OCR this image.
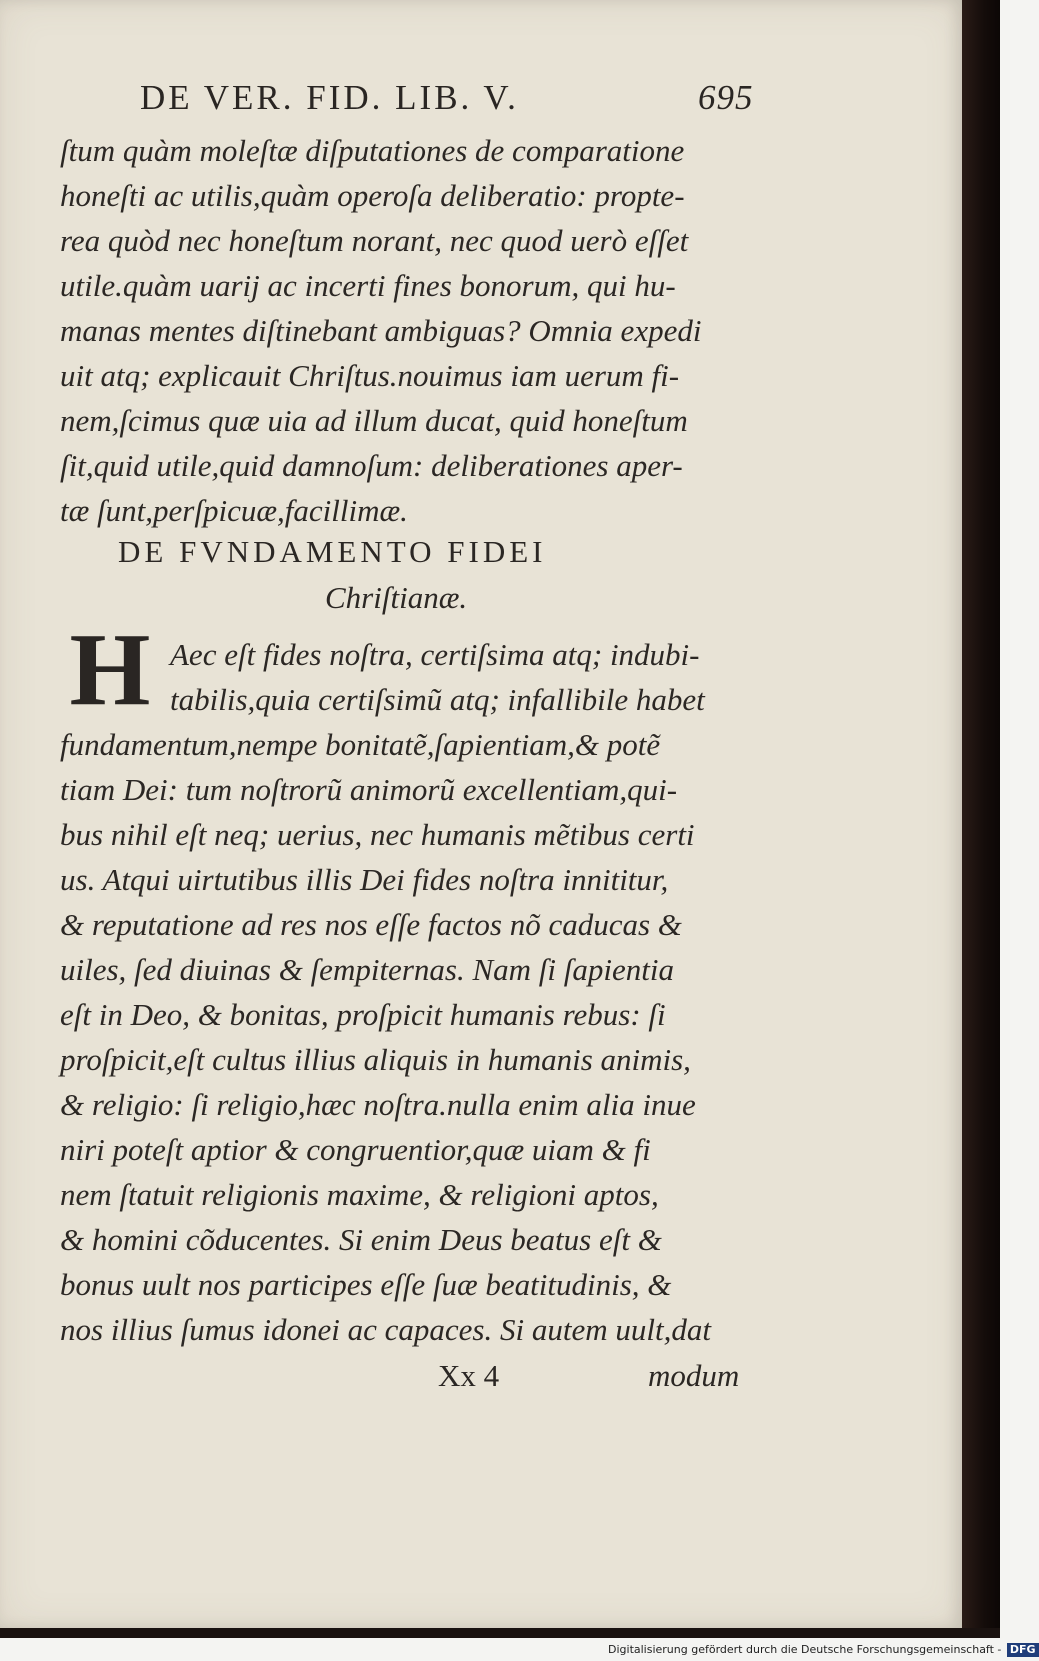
DE VER. FID. LIB. V.	695
ſtum quàm moleſtæ diſputationes de comparatione
honeſti ac utilis,quàm operoſa deliberatio: propte-
rea quòd nec honeſtum norant, nec quod uerò eſſet
utile.quàm uarij ac incerti fines bonorum, qui hu-
manas mentes diſtinebant ambiguas? Omnia expedi
uit atq; explicauit Chriſtus.nouimus iam uerum fi-
nem,ſcimus quæ uia ad illum ducat, quid honeſtum
ſit,quid utile,quid damnoſum: deliberationes aper-
tæ ſunt,perſpicuæ,facillimæ.
DE FVNDAMENTO FIDEI
Chriſtianæ.
H Aec eſt fides noſtra, certiſsima atq; indubi-
tabilis,quia certiſsimũ atq; infallibile habet
fundamentum,nempe bonitatẽ,ſapientiam,& potẽ
tiam Dei: tum noſtrorũ animorũ excellentiam,qui-
bus nihil eſt neq; uerius, nec humanis mẽtibus certi
us. Atqui uirtutibus illis Dei fides noſtra innititur,
& reputatione ad res nos eſſe factos nõ caducas &
uiles, ſed diuinas & ſempiternas. Nam ſi ſapientia
eſt in Deo, & bonitas, proſpicit humanis rebus: ſi
proſpicit,eſt cultus illius aliquis in humanis animis,
& religio: ſi religio,hæc noſtra.nulla enim alia inue
niri poteſt aptior & congruentior,quæ uiam & fi
nem ſtatuit religionis maxime, & religioni aptos,
& homini cõducentes. Si enim Deus beatus eſt &
bonus uult nos participes eſſe ſuæ beatitudinis, &
nos illius ſumus idonei ac capaces. Si autem uult,dat
Xx 4	modum
Digitalisierung gefördert durch die Deutsche Forschungsgemeinschaft - DFG
